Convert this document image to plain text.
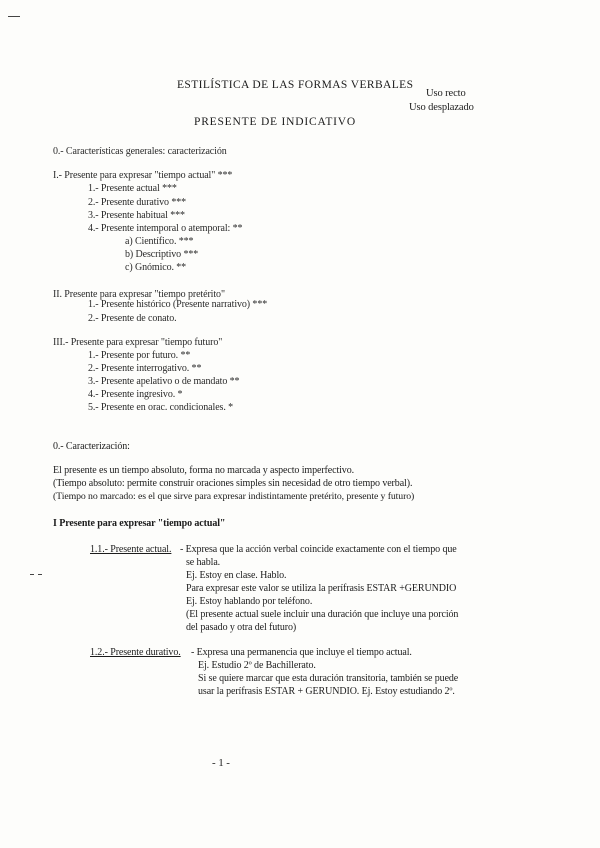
ESTILÍSTICA DE LAS FORMAS VERBALES
Uso recto
Uso desplazado
PRESENTE DE INDICATIVO
0.- Características generales: caracterización
I.- Presente para expresar "tiempo actual" ***
1.- Presente actual ***
2.- Presente durativo ***
3.- Presente habitual ***
4.- Presente intemporal o atemporal: **
a) Científico. ***
b) Descriptivo ***
c) Gnómico. **
II. Presente para expresar "tiempo pretérito"
1.- Presente histórico (Presente narrativo) ***
2.- Presente de conato.
III.- Presente para expresar "tiempo futuro"
1.- Presente por futuro. **
2.- Presente interrogativo. **
3.- Presente apelativo o de mandato **
4.- Presente ingresivo. *
5.- Presente en orac. condicionales. *
0.- Caracterización:
El presente es un tiempo absoluto, forma no marcada y aspecto imperfectivo.
(Tiempo absoluto: permite construir oraciones simples sin necesidad de otro tiempo verbal).
(Tiempo no marcado: es el que sirve para expresar indistintamente pretérito, presente y futuro)
I Presente para expresar "tiempo actual"
1.1.- Presente actual. - Expresa que la acción verbal coincide exactamente con el tiempo que
se habla.
Ej. Estoy en clase. Hablo.
Para expresar este valor se utiliza la perífrasis ESTAR +GERUNDIO
Ej. Estoy hablando por teléfono.
(El presente actual suele incluir una duración que incluye una porción
del pasado y otra del futuro)
1.2.- Presente durativo. - Expresa una permanencia que incluye el tiempo actual.
Ej. Estudio 2º de Bachillerato.
Si se quiere marcar que esta duración transitoria, también se puede
usar la perífrasis ESTAR + GERUNDIO. Ej. Estoy estudiando 2º.
- 1 -
